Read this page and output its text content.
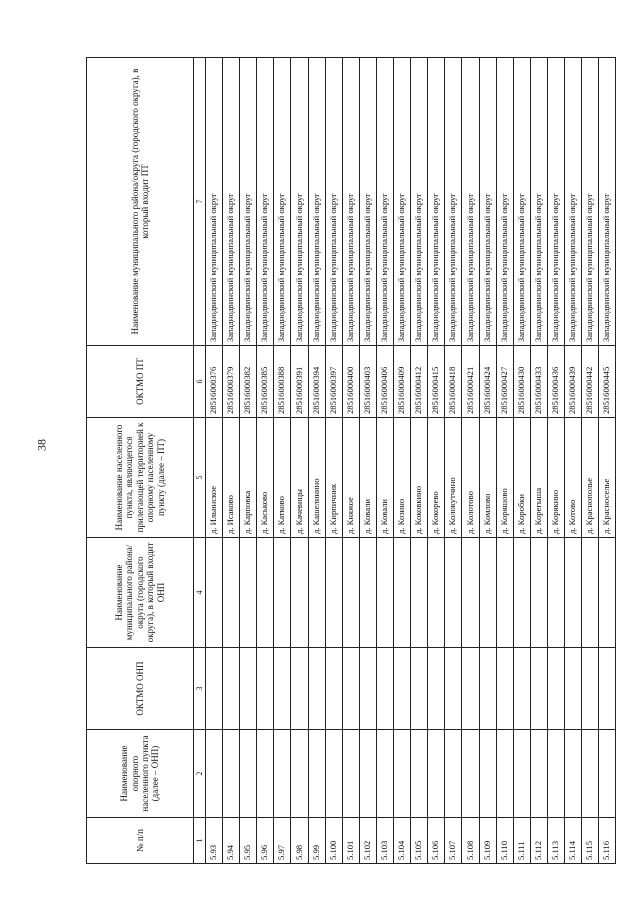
38
№ п/п	Наименование опорного населенного пункта (далее – ОНП)	ОКТМО ОНП	Наименование муниципального района/округа (городского округа), в который входит ОНП	Наименование населенного пункта, являющегося прилегающей территорией к опорному населенному пункту (далее – ПТ)	ОКТМО ПТ	Наименование муниципального района/округа (городского округа), в который входит ПТ
1	2	3	4	5	6	7
5.93				д. Ильинское	28516000376	Западнодвинский муниципальный округ
5.94				д. Исаково	28516000379	Западнодвинский муниципальный округ
5.95				д. Карповка	28516000382	Западнодвинский муниципальный округ
5.96				д. Каськово	28516000385	Западнодвинский муниципальный округ
5.97				д. Катково	28516000388	Западнодвинский муниципальный округ
5.98				д. Качевицы	28516000391	Западнодвинский муниципальный округ
5.99				д. Кашелинино	28516000394	Западнодвинский муниципальный округ
5.100				д. Кирпичник	28516000397	Западнодвинский муниципальный округ
5.101				д. Княжое	28516000400	Западнодвинский муниципальный округ
5.102				д. Ковали	28516000403	Западнодвинский муниципальный округ
5.103				д. Ковали	28516000406	Западнодвинский муниципальный округ
5.104				д. Козино	28516000409	Западнодвинский муниципальный округ
5.105				д. Коковкино	28516000412	Западнодвинский муниципальный округ
5.106				д. Кокорево	28516000415	Западнодвинский муниципальный округ
5.107				д. Колокутчино	28516000418	Западнодвинский муниципальный округ
5.108				д. Колотово	28516000421	Западнодвинский муниципальный округ
5.109				д. Комлово	28516000424	Западнодвинский муниципальный округ
5.110				д. Коряшово	28516000427	Западнодвинский муниципальный округ
5.111				д. Коробки	28516000430	Западнодвинский муниципальный округ
5.112				д. Корегыша	28516000433	Западнодвинский муниципальный округ
5.113				д. Корякино	28516000436	Западнодвинский муниципальный округ
5.114				д. Котово	28516000439	Западнодвинский муниципальный округ
5.115				д. Краснополье	28516000442	Западнодвинский муниципальный округ
5.116				д. Красноселье	28516000445	Западнодвинский муниципальный округ
